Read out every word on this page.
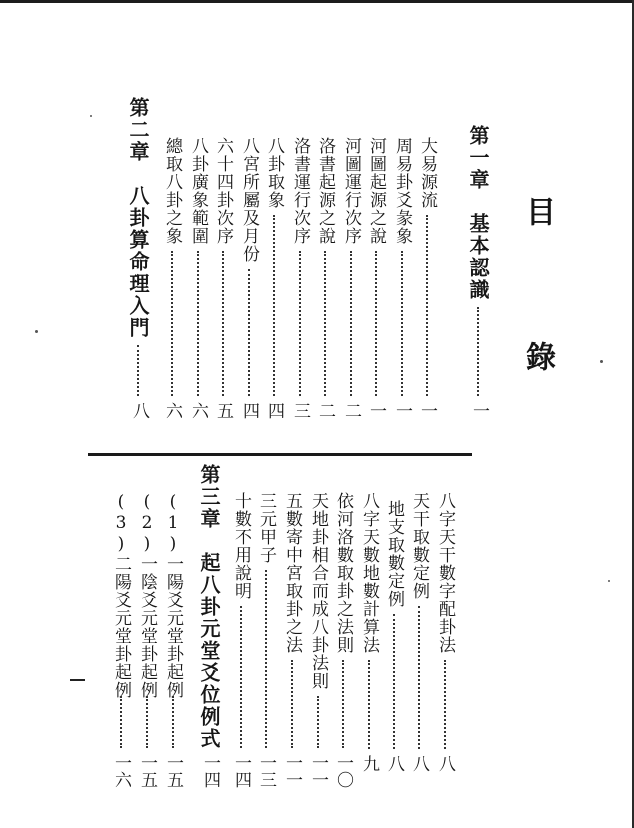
目 錄
第一章　基本認識
一
大易源流
一
周易卦爻彖象
一
河圖起源之說
一
河圖運行次序
二
洛書起源之說
二
洛書運行次序
三
八卦取象
四
八宮所屬及月份
四
六十四卦次序
五
八卦廣象範圍
六
總取八卦之象
六
第二章　八卦算命理入門
八
八字天干數字配卦法
八
天干取數定例
八
地支取數定例
八
八字天數地數計算法
九
依河洛數取卦之法則
一〇
天地卦相合而成八卦法則
一一
五數寄中宮取卦之法
一一
三元甲子
一三
十數不用說明
一四
第三章　起八卦元堂爻位例式
一四
(1)一陽爻元堂卦起例
一五
(2)一陰爻元堂卦起例
一五
(3)二陽爻元堂卦起例
一六
